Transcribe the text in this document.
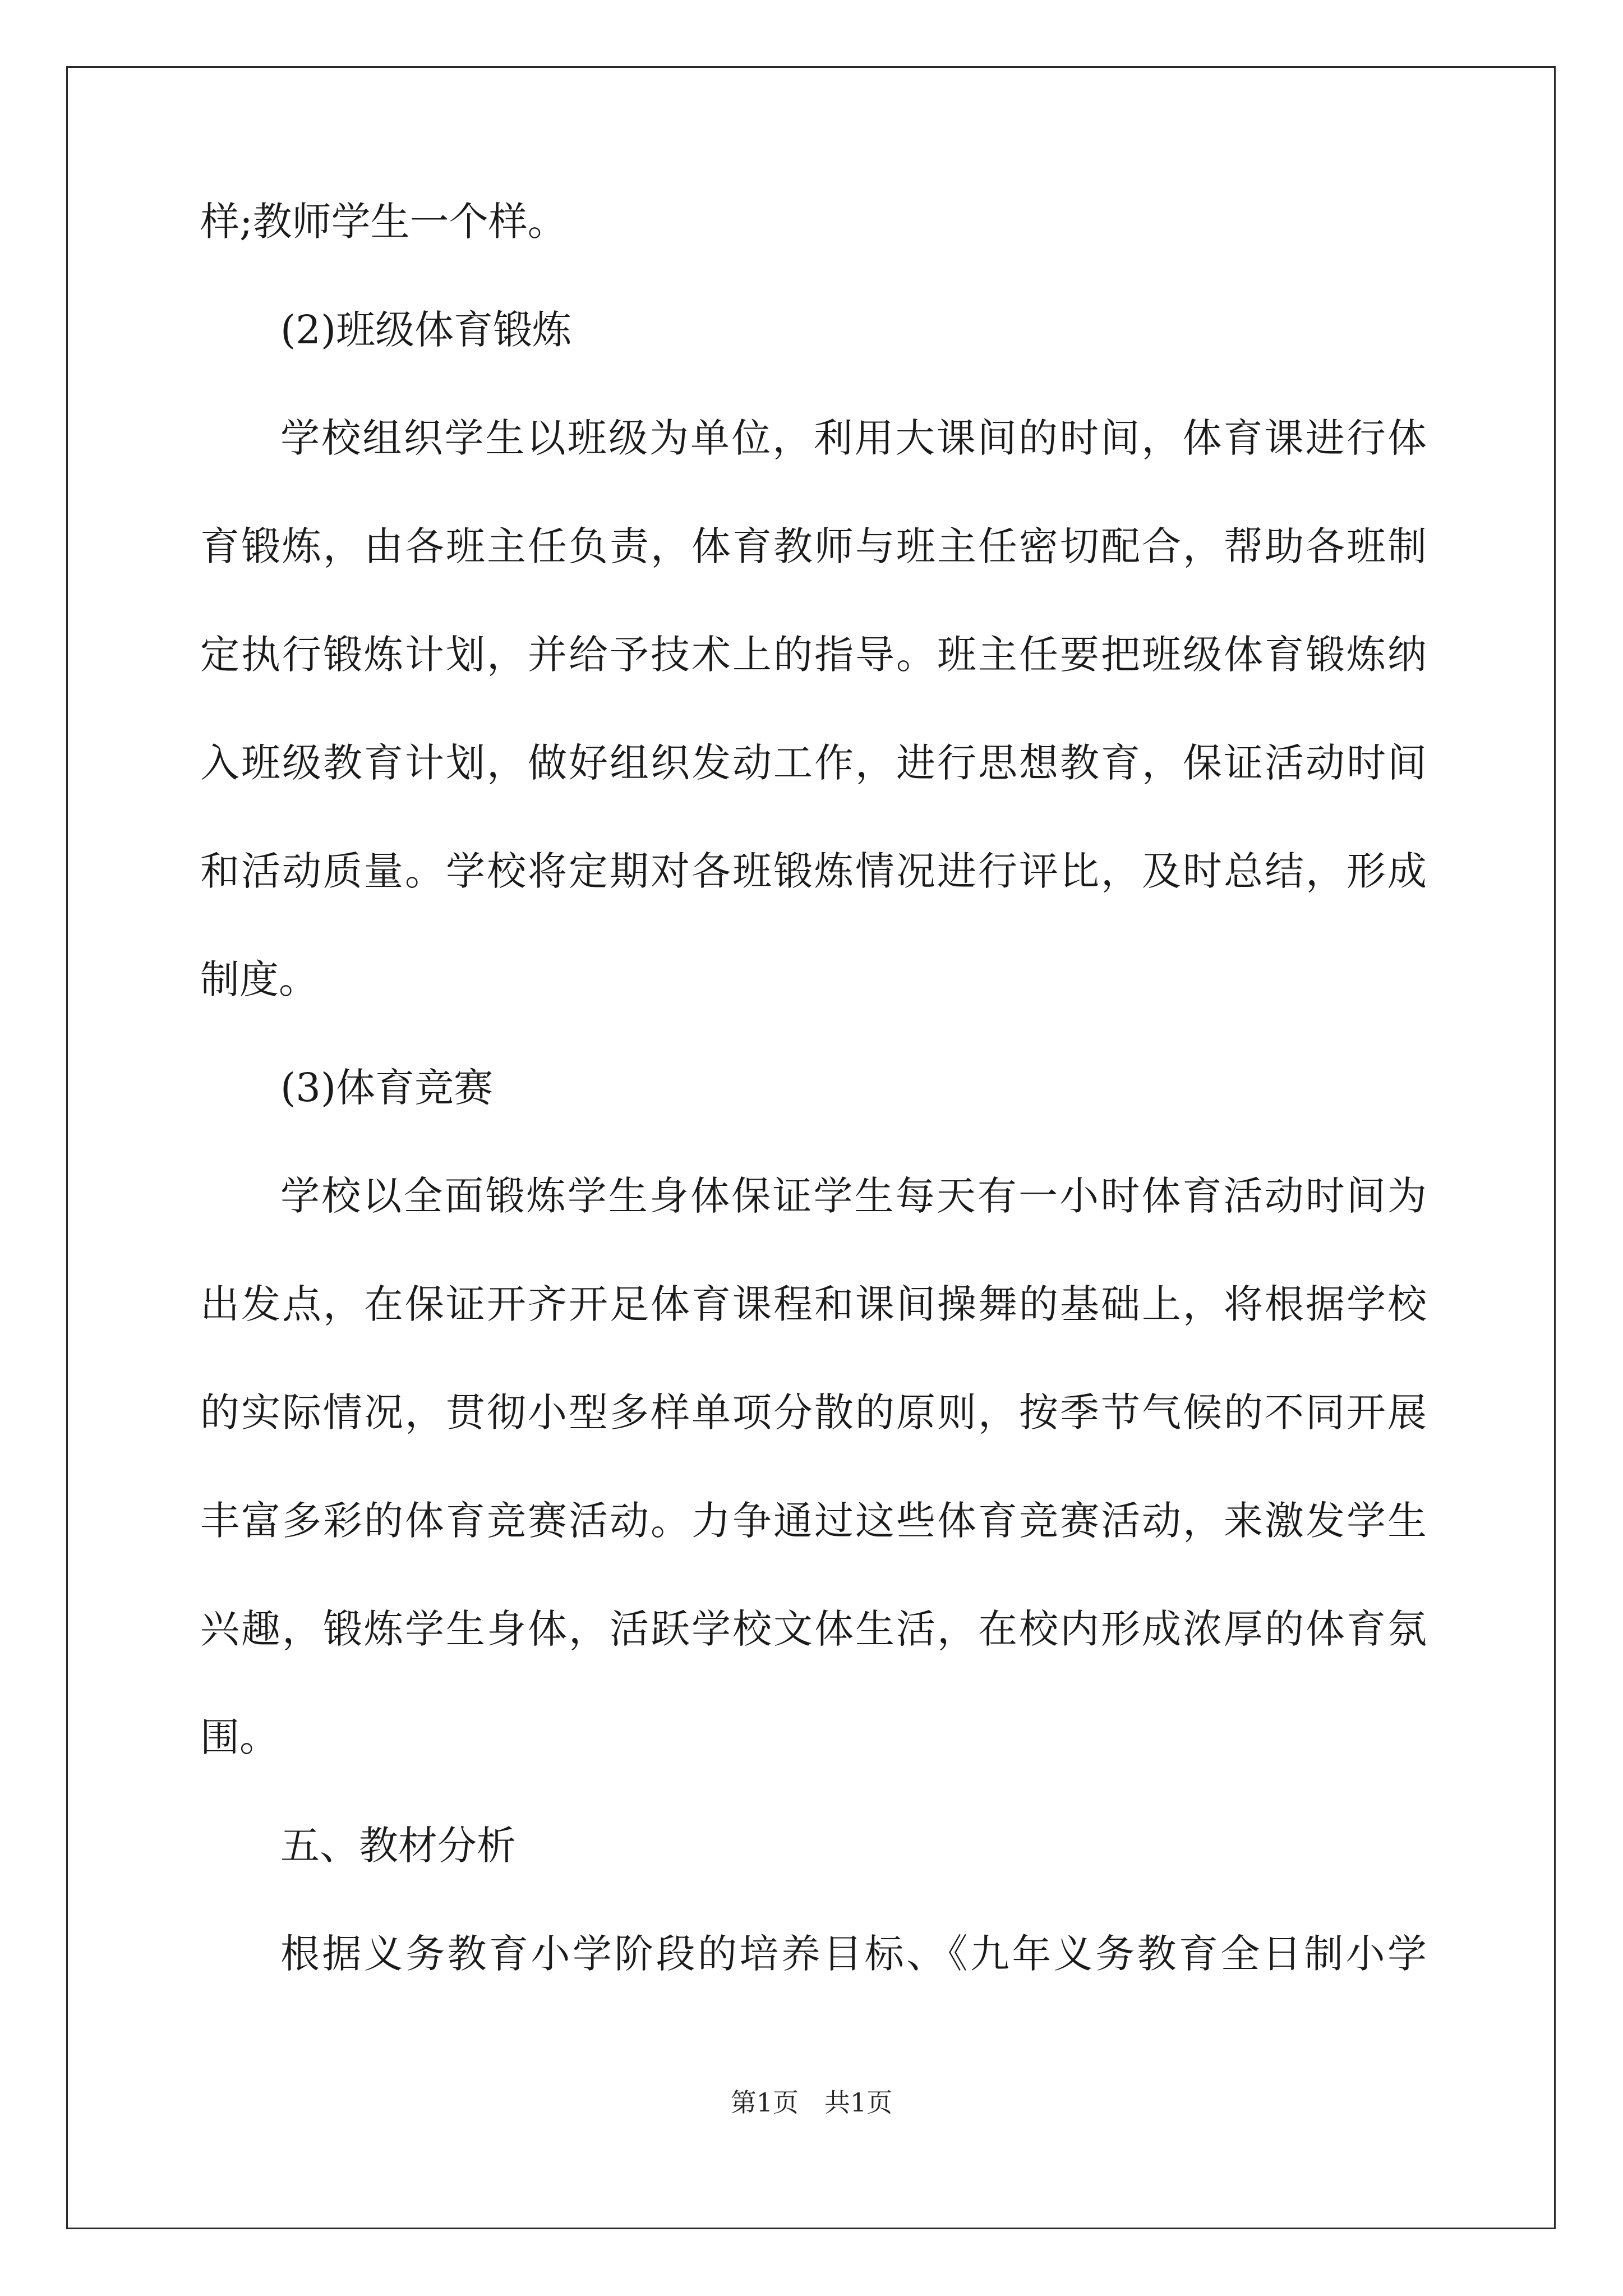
样;教师学生一个样。
(2)班级体育锻炼
学校组织学生以班级为单位，利用大课间的时间，体育课进行体
育锻炼，由各班主任负责，体育教师与班主任密切配合，帮助各班制
定执行锻炼计划，并给予技术上的指导。班主任要把班级体育锻炼纳
入班级教育计划，做好组织发动工作，进行思想教育，保证活动时间
和活动质量。学校将定期对各班锻炼情况进行评比，及时总结，形成
制度。
(3)体育竞赛
学校以全面锻炼学生身体保证学生每天有一小时体育活动时间为
出发点，在保证开齐开足体育课程和课间操舞的基础上，将根据学校
的实际情况，贯彻小型多样单项分散的原则，按季节气候的不同开展
丰富多彩的体育竞赛活动。力争通过这些体育竞赛活动，来激发学生
兴趣，锻炼学生身体，活跃学校文体生活，在校内形成浓厚的体育氛
围。
五、教材分析
根据义务教育小学阶段的培养目标、《九年义务教育全日制小学
第1页　共1页
